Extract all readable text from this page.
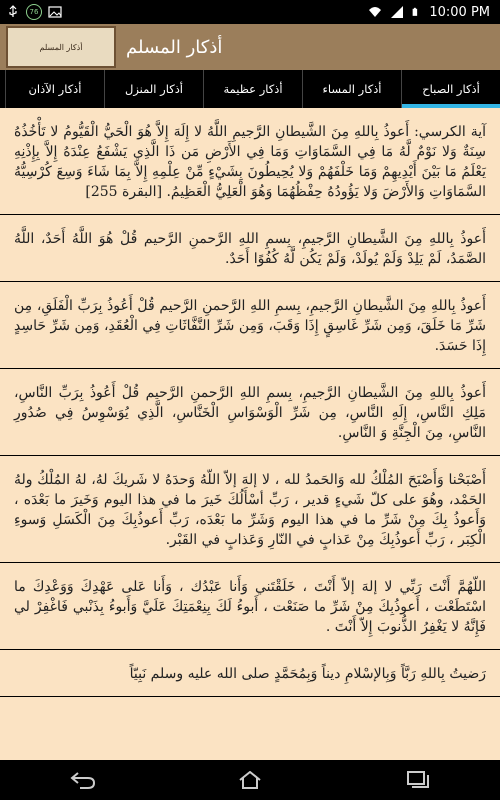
76	10:00 PM
أذكار المسلم أذكار المسلم
أذكار الصباح
أذكار المساء
أذكار عظيمة
أذكار المنزل
أذكار الآذان
آية الكرسي: أَعوذُ بِاللهِ مِنَ الشَّيطانِ الرَّجيمِ اللَّهُ لا إِلَهَ إِلاَّ هُوَ الْحَيُّ الْقَيُّومُ لا تَأْخُذُهُ سِنَةٌ وَلا نَوْمٌ لَّهُ مَا فِي السَّمَاوَاتِ وَمَا فِي الأَرْضِ مَن ذَا الَّذِي يَشْفَعُ عِنْدَهُ إِلاَّ بِإِذْنِهِ يَعْلَمُ مَا بَيْنَ أَيْدِيهِمْ وَمَا خَلْفَهُمْ وَلا يُحِيطُونَ بِشَيْءٍ مِّنْ عِلْمِهِ إِلاَّ بِمَا شَاءَ وَسِعَ كُرْسِيُّهُ السَّمَاوَاتِ وَالأَرْضَ وَلا يَؤُودُهُ حِفْظُهُمَا وَهُوَ الْعَلِيُّ الْعَظِيمُ. [البقرة 255]
أَعوذُ بِاللهِ مِنَ الشَّيطانِ الرَّجيمِ، بِسمِ اللهِ الرَّحمنِ الرَّحيم قُلْ هُوَ اللَّهُ أَحَدٌ، اللَّهُ الصَّمَدُ، لَمْ يَلِدْ وَلَمْ يُولَدْ، وَلَمْ يَكُن لَّهُ كُفُوًا أَحَدٌ.
أَعوذُ بِاللهِ مِنَ الشَّيطانِ الرَّجيمِ، بِسمِ اللهِ الرَّحمنِ الرَّحيم قُلْ أَعُوذُ بِرَبِّ الْفَلَقِ، مِن شَرِّ مَا خَلَقَ، وَمِن شَرِّ غَاسِقٍ إِذَا وَقَبَ، وَمِن شَرِّ النَّفَّاثَاتِ فِي الْعُقَدِ، وَمِن شَرِّ حَاسِدٍ إِذَا حَسَدَ.
أَعوذُ بِاللهِ مِنَ الشَّيطانِ الرَّجيمِ، بِسمِ اللهِ الرَّحمنِ الرَّحيم قُلْ أَعُوذُ بِرَبِّ النَّاسِ، مَلِكِ النَّاسِ، إِلَهِ النَّاسِ، مِن شَرِّ الْوَسْوَاسِ الْخَنَّاسِ، الَّذِي يُوَسْوِسُ فِي صُدُورِ النَّاسِ، مِنَ الْجِنَّةِ وَ النَّاسِ.
أَصْبَحْنا وَأَصْبَحَ المُلْكُ لله وَالحَمدُ لله ، لا إلهَ إلاّ اللّهُ وَحدَهُ لا شَريكَ لهُ، لهُ المُلْكُ ولهُ الحَمْد، وهُوَ على كلّ شَيءٍ قدير ، رَبِّ أسْأَلُكَ خَيرَ ما في هذا اليوم وَخَيرَ ما بَعْدَه ، وَأَعوذُ بِكَ مِنْ شَرِّ ما في هذا اليوم وَشَرِّ ما بَعْدَه، رَبِّ أَعوذُبِكَ مِنَ الْكَسَلِ وَسوءِ الْكِبَر ، رَبِّ أَعوذُبِكَ مِنْ عَذابٍ في النّارِ وَعَذابٍ في القَبْر.
اللّهُمَّ أَنْتَ رَبِّي لا إلهَ إلاّ أَنْتَ ، خَلَقْتَني وَأَنا عَبْدُك ، وَأَنا عَلى عَهْدِكَ وَوَعْدِكَ ما اسْتَطَعْت ، أَعوذُبِكَ مِنْ شَرِّ ما صَنَعْت ، أَبوءُ لَكَ بِنِعْمَتِكَ عَلَيَّ وَأَبوءُ بِذَنْبي فَاغْفِرْ لي فَإِنَّهُ لا يَغْفِرُ الذُّنوبَ إِلاّ أَنْتَ .
رَضيتُ بِاللهِ رَبَّاً وَبِالإسْلامِ ديناً وَبِمُحَمَّدٍ صلى الله عليه وسلم نَبِيّاً
